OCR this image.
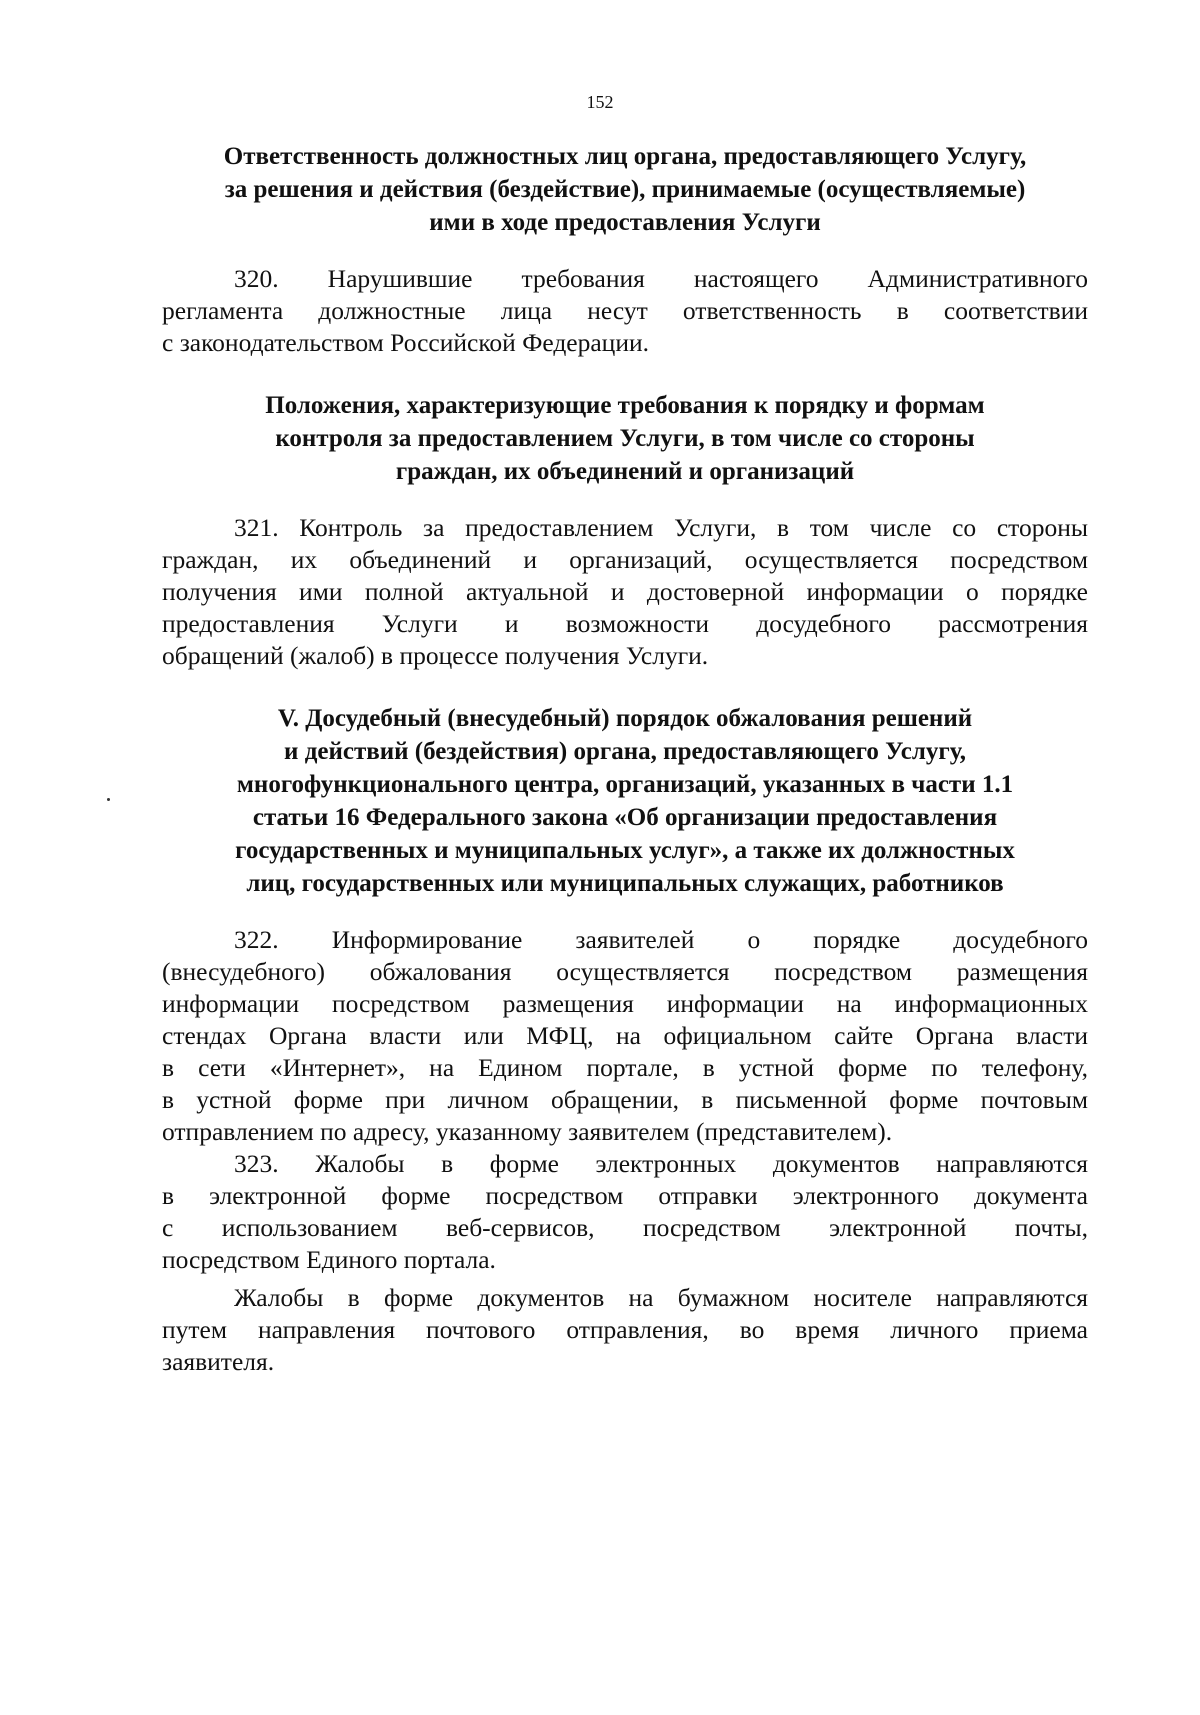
152
Ответственность должностных лиц органа, предоставляющего Услугу,
за решения и действия (бездействие), принимаемые (осуществляемые)
ими в ходе предоставления Услуги
320. Нарушившие требования настоящего Административного
регламента должностные лица несут ответственность в соответствии
с законодательством Российской Федерации.
Положения, характеризующие требования к порядку и формам
контроля за предоставлением Услуги, в том числе со стороны
граждан, их объединений и организаций
321. Контроль за предоставлением Услуги, в том числе со стороны
граждан, их объединений и организаций, осуществляется посредством
получения ими полной актуальной и достоверной информации о порядке
предоставления Услуги и возможности досудебного рассмотрения
обращений (жалоб) в процессе получения Услуги.
V. Досудебный (внесудебный) порядок обжалования решений
и действий (бездействия) органа, предоставляющего Услугу,
многофункционального центра, организаций, указанных в части 1.1
статьи 16 Федерального закона «Об организации предоставления
государственных и муниципальных услуг», а также их должностных
лиц, государственных или муниципальных служащих, работников
322. Информирование заявителей о порядке досудебного
(внесудебного) обжалования осуществляется посредством размещения
информации посредством размещения информации на информационных
стендах Органа власти или МФЦ, на официальном сайте Органа власти
в сети «Интернет», на Едином портале, в устной форме по телефону,
в устной форме при личном обращении, в письменной форме почтовым
отправлением по адресу, указанному заявителем (представителем).
323. Жалобы в форме электронных документов направляются
в электронной форме посредством отправки электронного документа
с использованием веб-сервисов, посредством электронной почты,
посредством Единого портала.
Жалобы в форме документов на бумажном носителе направляются
путем направления почтового отправления, во время личного приема
заявителя.
